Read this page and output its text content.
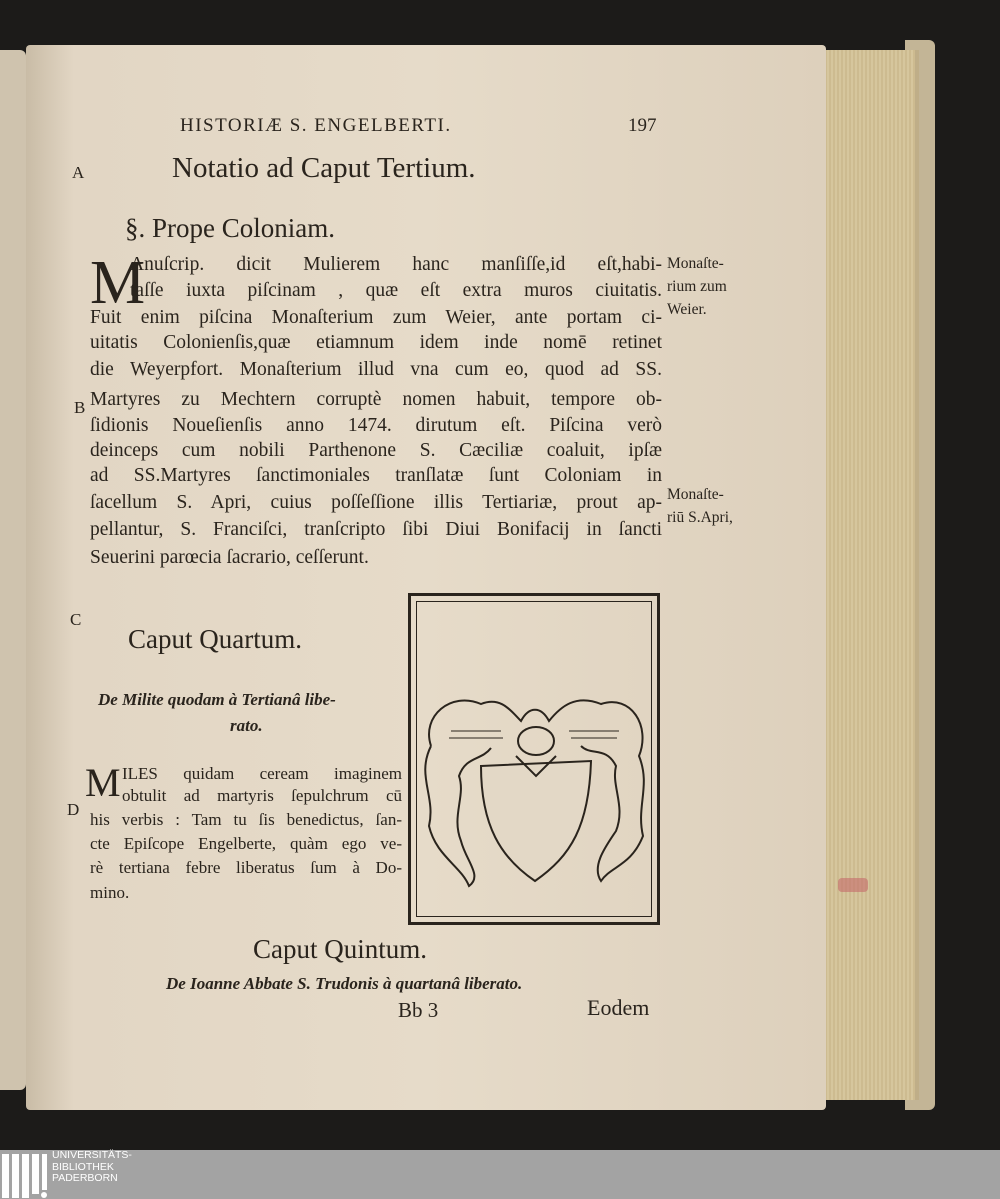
HISTORIÆ S. ENGELBERTI.	197
A
B
C
D
Notatio ad Caput Tertium.
§. Prope Coloniam.
M
Anuſcrip. dicit Mulierem hanc manſiſſe,id eſt,habi-
taſſe iuxta piſcinam , quæ eſt extra muros ciuitatis.
Fuit enim piſcina Monaſterium zum Weier, ante portam ci-
uitatis Colonienſis,quæ etiamnum idem inde nomē retinet
die Weyerpfort. Monaſterium illud vna cum eo, quod ad SS.
Martyres zu Mechtern corruptè nomen habuit, tempore ob-
ſidionis Noueſienſis anno 1474. dirutum eſt. Piſcina verò
deinceps cum nobili Parthenone S. Cæciliæ coaluit, ipſæ
ad SS.Martyres ſanctimoniales tranſlatæ ſunt Coloniam in
ſacellum S. Apri, cuius poſſeſſione illis Tertiariæ, prout ap-
pellantur, S. Franciſci, tranſcripto ſibi Diui Bonifacij in ſancti
Seuerini parœcia ſacrario, ceſſerunt.
Monaſte-
rium zum
Weier.
Monaſte-
riū S.Apri,
Caput Quartum.
De Milite quodam à Tertianâ libe-
rato.
M ILES quidam ceream imaginem
obtulit ad martyris ſepulchrum cū
his verbis : Tam tu ſis benedictus, ſan-
cte Epiſcope Engelberte, quàm ego ve-
rè tertiana febre liberatus ſum à Do-
mino.
Caput Quintum.
De Ioanne Abbate S. Trudonis à quartanâ liberato.
Bb 3	Eodem
UNIVERSITÄTS-
BIBLIOTHEK
PADERBORN
